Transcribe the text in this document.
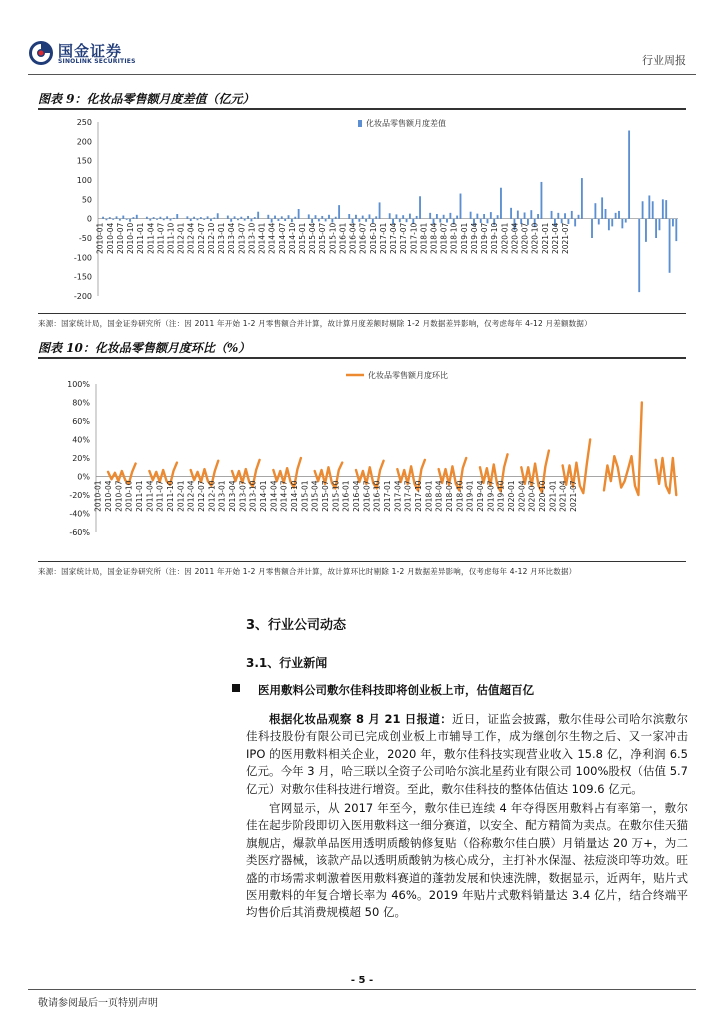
国金证券
SINOLINK SECURITIES	行业周报
图表 9：化妆品零售额月度差值（亿元）
250
200
150
100
50
0
-50
-100
-150
-200
2010-01 2010-04 2010-07 2010-10 2011-01 2011-04 2011-07 2011-10 2012-01 2012-04 2012-07 2012-10 2013-01 2013-04 2013-07 2013-10 2014-01 2014-04 2014-07 2014-10 2015-01 2015-04 2015-07 2015-10 2016-01 2016-04 2016-07 2016-10 2017-01 2017-04 2017-07 2017-10 2018-01 2018-04 2018-07 2018-10 2019-01 2019-04 2019-07 2019-10 2020-01 2020-04 2020-07 2020-10 2021-01 2021-04 2021-07
化妆品零售额月度差值
来源：国家统计局，国金证券研究所（注：因 2011 年开始 1-2 月零售额合并计算，故计算月度差额时剔除 1-2 月数据差异影响，仅考虑每年 4-12 月差额数据）
图表 10：化妆品零售额月度环比（%）
100%
80%
60%
40%
20%
0%
-20%
-40%
-60%
2010-01 2010-04 2010-07 2010-10 2011-01 2011-04 2011-07 2011-10 2012-01 2012-04 2012-07 2012-10 2013-01 2013-04 2013-07 2013-10 2014-01 2014-04 2014-07 2014-10 2015-01 2015-04 2015-07 2015-10 2016-01 2016-04 2016-07 2016-10 2017-01 2017-04 2017-07 2017-10 2018-01 2018-04 2018-07 2018-10 2019-01 2019-04 2019-07 2019-10 2020-01 2020-04 2020-07 2020-10 2021-01 2021-04 2021-07
化妆品零售额月度环比
来源：国家统计局，国金证券研究所（注：因 2011 年开始 1-2 月零售额合并计算，故计算环比时剔除 1-2 月数据差异影响，仅考虑每年 4-12 月环比数据）
3、行业公司动态
3.1、行业新闻
医用敷料公司敷尔佳科技即将创业板上市，估值超百亿
根据化妆品观察 8 月 21 日报道：近日，证监会披露，敷尔佳母公司哈尔滨敷尔佳科技股份有限公司已完成创业板上市辅导工作，成为继创尔生物之后、又一家冲击 IPO 的医用敷料相关企业，2020 年，敷尔佳科技实现营业收入 15.8 亿，净利润 6.5 亿元。今年 3 月，哈三联以全资子公司哈尔滨北星药业有限公司 100%股权（估值 5.7 亿元）对敷尔佳科技进行增资。至此，敷尔佳科技的整体估值达 109.6 亿元。
官网显示，从 2017 年至今，敷尔佳已连续 4 年夺得医用敷料占有率第一，敷尔佳在起步阶段即切入医用敷料这一细分赛道，以安全、配方精简为卖点。在敷尔佳天猫旗舰店，爆款单品医用透明质酸钠修复贴（俗称敷尔佳白膜）月销量达 20 万+，为二类医疗器械，该款产品以透明质酸钠为核心成分，主打补水保湿、祛痘淡印等功效。旺盛的市场需求刺激着医用敷料赛道的蓬勃发展和快速洗牌，数据显示，近两年，贴片式医用敷料的年复合增长率为 46%。2019 年贴片式敷料销量达 3.4 亿片，结合终端平均售价后其消费规模超 50 亿。
- 5 -
敬请参阅最后一页特别声明
